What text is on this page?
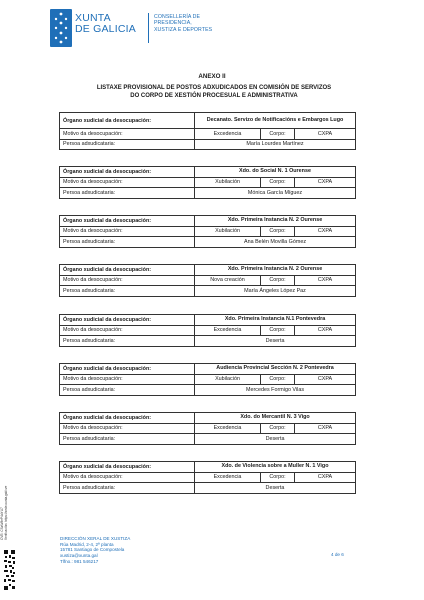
XUNTA
DE GALICIA
CONSELLERÍA DE
PRESIDENCIA,
XUSTIZA E DEPORTES
ANEXO II
LISTAXE PROVISIONAL DE POSTOS ADXUDICADOS EN COMISIÓN DE SERVIZOS DO CORPO DE XESTIÓN PROCESUAL E ADMINISTRATIVA
Órgano xudicial da desocupación:	Decanato. Servizo de Notificacións e Embargos Lugo		
Motivo da desocupación:	Excedencia	Corpo:	CXPA
Persoa adxudicataria:	María Lourdes Martínez		
Órgano xudicial da desocupación:	Xdo. do Social N. 1 Ourense		
Motivo da desocupación:	Xubilación	Corpo:	CXPA
Persoa adxudicataria:	Mónica García Míguez		
Órgano xudicial da desocupación:	Xdo. Primeira Instancia N. 2 Ourense		
Motivo da desocupación:	Xubilación	Corpo:	CXPA
Persoa adxudicataria:	Ana Belén Movilla Gómez		
Órgano xudicial da desocupación:	Xdo. Primeira Instancia N. 2 Ourense		
Motivo da desocupación:	Nova creación	Corpo:	CXPA
Persoa adxudicataria:	María Ángeles López Paz		
Órgano xudicial da desocupación:	Xdo. Primeira Instancia N.1 Pontevedra		
Motivo da desocupación:	Excedencia	Corpo:	CXPA
Persoa adxudicataria:	Deserta		
Órgano xudicial da desocupación:	Audiencia Provincial Sección N. 2 Pontevedra		
Motivo da desocupación:	Xubilación	Corpo:	CXPA
Persoa adxudicataria:	Mercedes Formigo Vilas		
Órgano xudicial da desocupación:	Xdo. do Mercantil N. 3 Vigo		
Motivo da desocupación:	Excedencia	Corpo:	CXPA
Persoa adxudicataria:	Deserta		
Órgano xudicial da desocupación:	Xdo. de Violencia sobre a Muller N. 1 Vigo		
Motivo da desocupación:	Excedencia	Corpo:	CXPA
Persoa adxudicataria:	Deserta		
CVE: CSxW8eP4dYU7 Verificación: https://sede.xunta.gal/cve	DIRECCIÓN XERAL DE XUSTIZA
Rúa Madrid, 2-4, 2ª planta
15781 Santiago de Compostela
xustiza@xunta.gal
Tlfno.: 981 546217
4 de 6
